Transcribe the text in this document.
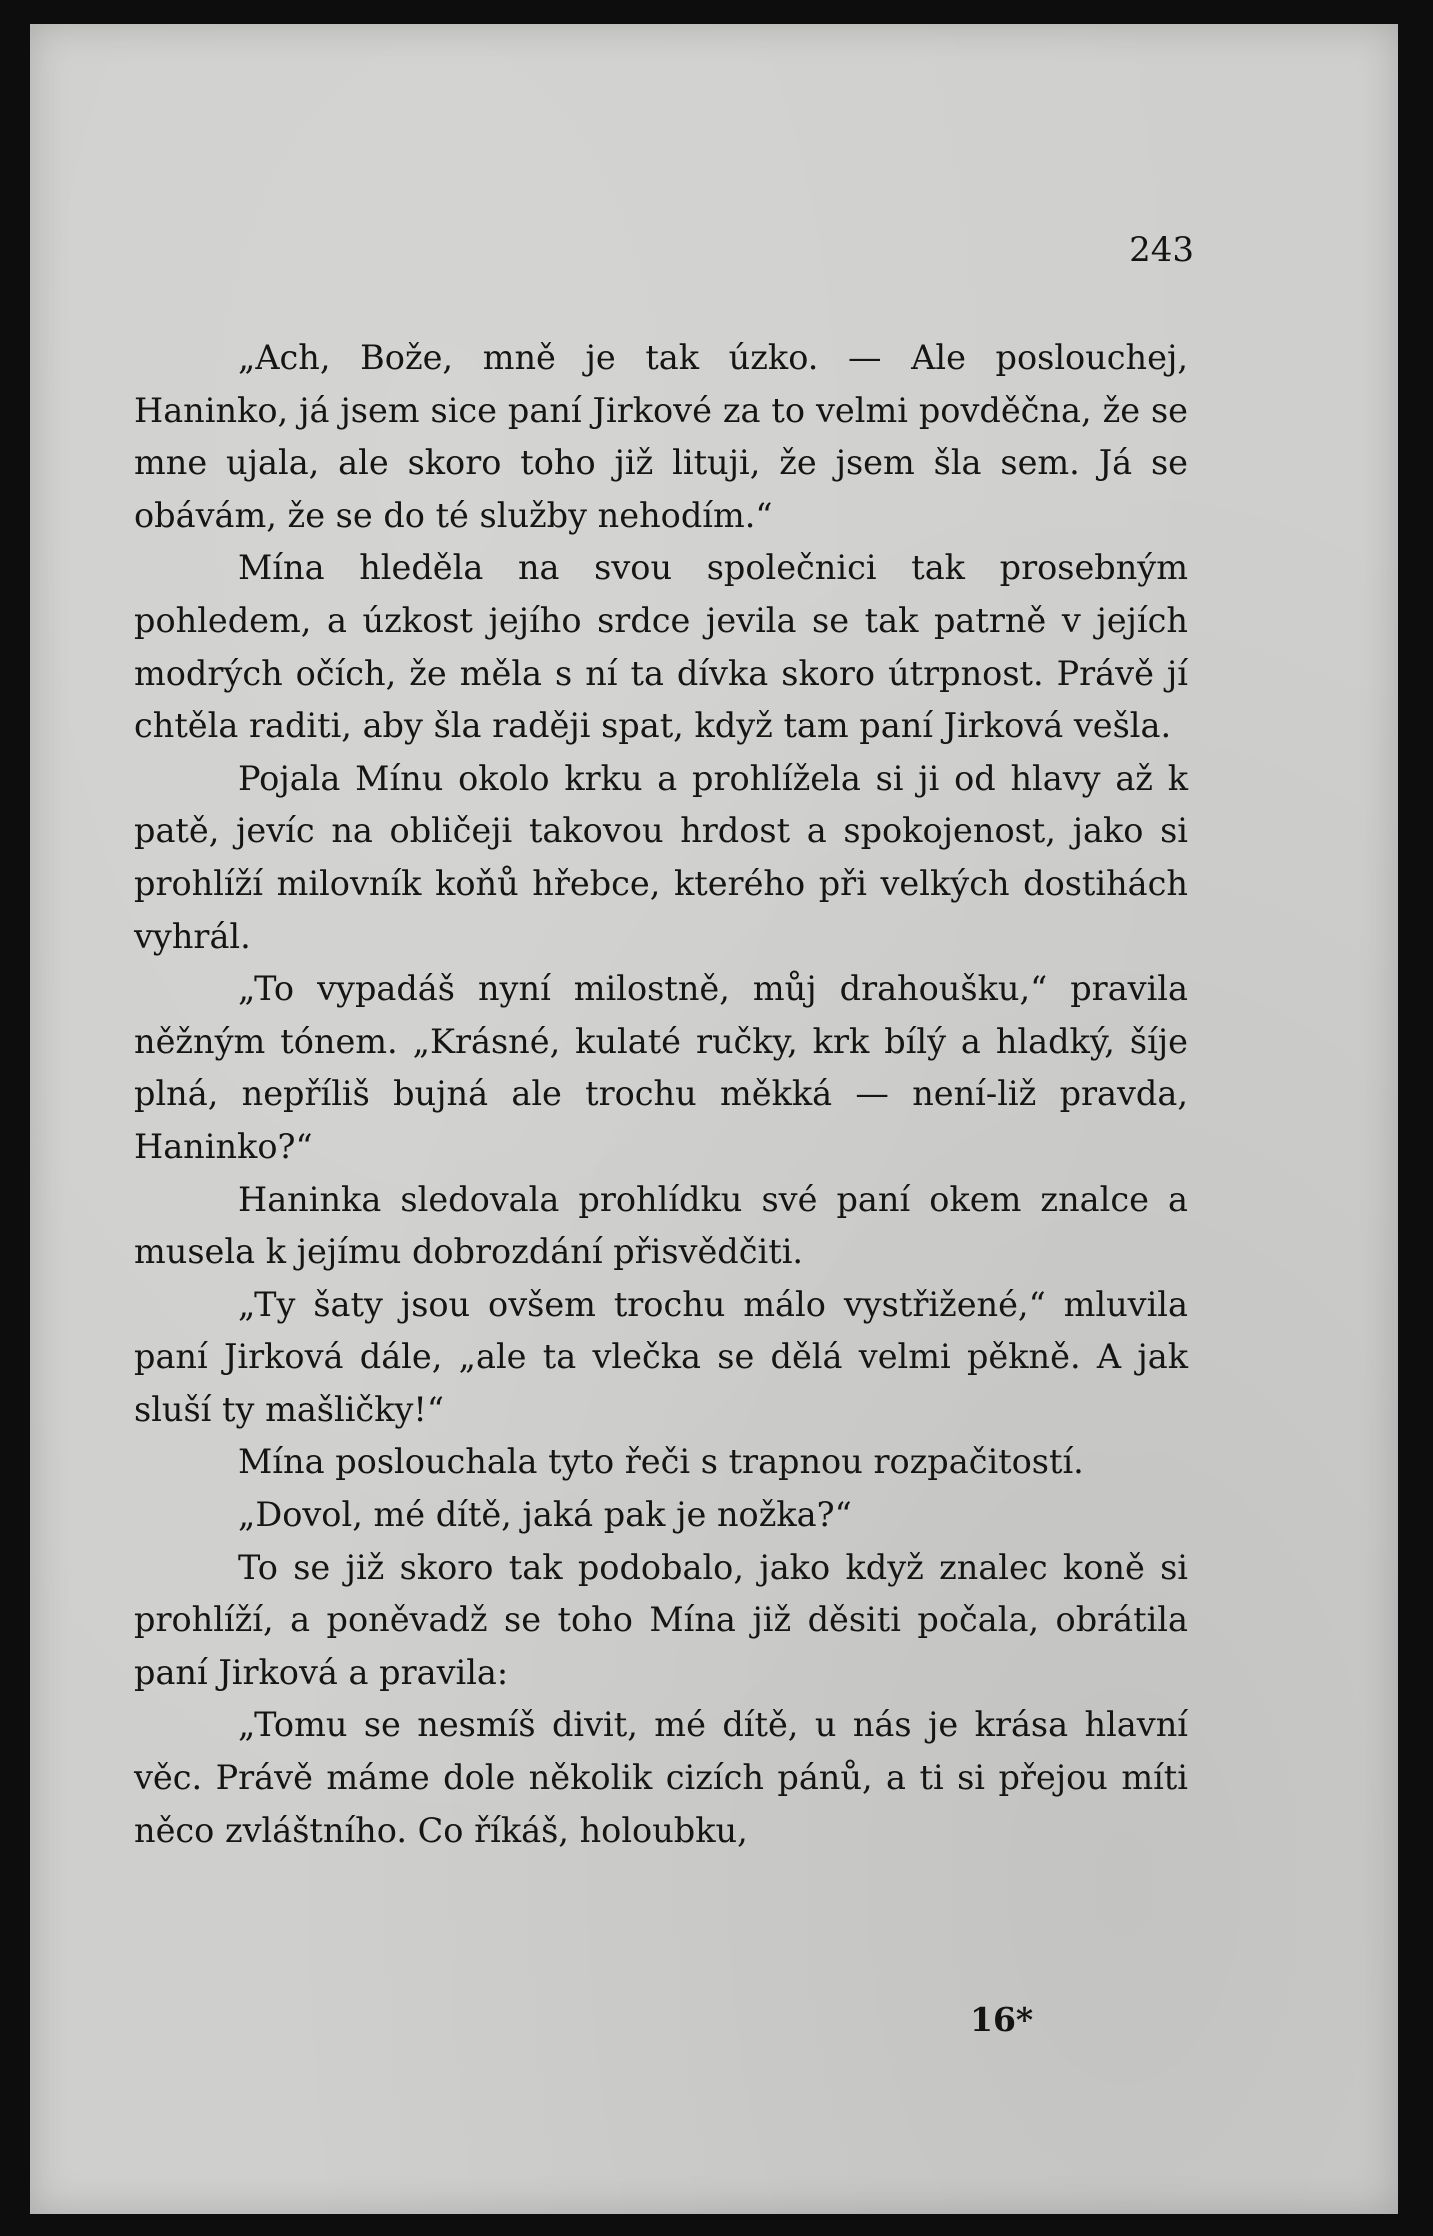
243

„Ach, Bože, mně je tak úzko. — Ale poslouchej, Haninko, já jsem sice paní Jirkové za to velmi povděčna, že se mne ujala, ale skoro toho již lituji, že jsem šla sem. Já se obávám, že se do té služby nehodím.“

Mína hleděla na svou společnici tak prosebným pohledem, a úzkost jejího srdce jevila se tak patrně v jejích modrých očích, že měla s ní ta dívka skoro útrpnost. Právě jí chtěla raditi, aby šla raději spat, když tam paní Jirková vešla.

Pojala Mínu okolo krku a prohlížela si ji od hlavy až k patě, jevíc na obličeji takovou hrdost a spokojenost, jako si prohlíží milovník koňů hřebce, kterého při velkých dostihách vyhrál.

„To vypadáš nyní milostně, můj drahoušku,“ pravila něžným tónem. „Krásné, kulaté ručky, krk bílý a hladký, šíje plná, nepříliš bujná ale trochu měkká — není-liž pravda, Haninko?“

Haninka sledovala prohlídku své paní okem znalce a musela k jejímu dobrozdání přisvědčiti.

„Ty šaty jsou ovšem trochu málo vystřižené,“ mluvila paní Jirková dále, „ale ta vlečka se dělá velmi pěkně. A jak sluší ty mašličky!“

Mína poslouchala tyto řeči s trapnou rozpačitostí.

„Dovol, mé dítě, jaká pak je nožka?“

To se již skoro tak podobalo, jako když znalec koně si prohlíží, a poněvadž se toho Mína již děsiti počala, obrátila paní Jirková a pravila:

„Tomu se nesmíš divit, mé dítě, u nás je krása hlavní věc. Právě máme dole několik cizích pánů, a ti si přejou míti něco zvláštního. Co říkáš, holoubku,

16*
